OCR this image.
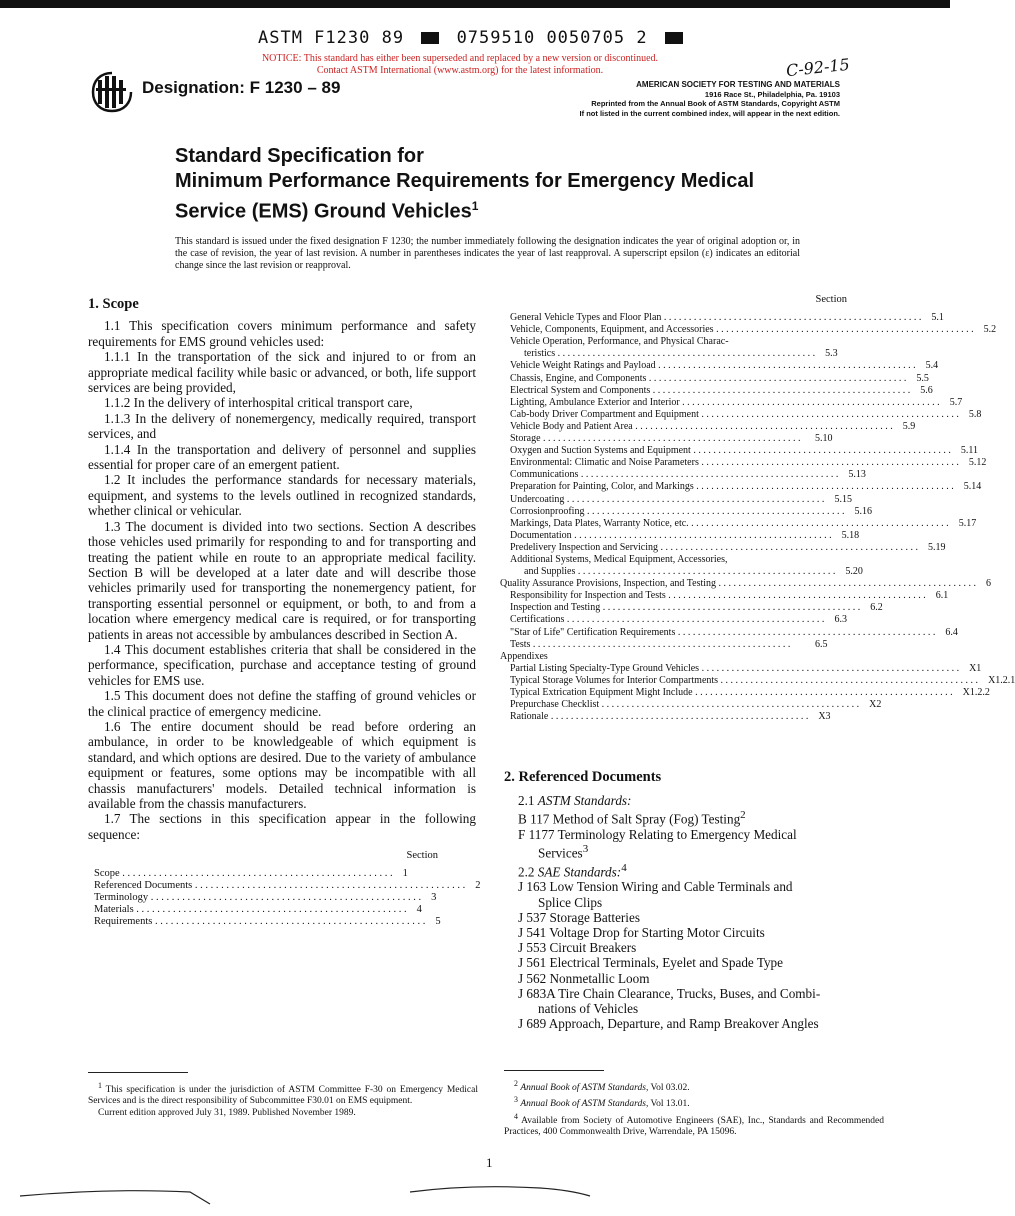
ASTM F1230 89	0759510 0050705 2
NOTICE: This standard has either been superseded and replaced by a new version or discontinued.
Contact ASTM International (www.astm.org) for the latest information.
Designation: F 1230 – 89
C-92-15
AMERICAN SOCIETY FOR TESTING AND MATERIALS
1916 Race St., Philadelphia, Pa. 19103
Reprinted from the Annual Book of ASTM Standards, Copyright ASTM
If not listed in the current combined index, will appear in the next edition.
Standard Specification for
Minimum Performance Requirements for Emergency Medical
Service (EMS) Ground Vehicles$^1$
This standard is issued under the fixed designation F 1230; the number immediately following the designation indicates the year of original adoption or, in the case of revision, the year of last revision. A number in parentheses indicates the year of last reapproval. A superscript epsilon (ε) indicates an editorial change since the last revision or reapproval.
1. Scope

1.1 This specification covers minimum performance and safety requirements for EMS ground vehicles used:

1.1.1 In the transportation of the sick and injured to or from an appropriate medical facility while basic or advanced, or both, life support services are being provided,

1.1.2 In the delivery of interhospital critical transport care,

1.1.3 In the delivery of nonemergency, medically required, transport services, and

1.1.4 In the transportation and delivery of personnel and supplies essential for proper care of an emergent patient.

1.2 It includes the performance standards for necessary materials, equipment, and systems to the levels outlined in recognized standards, whether clinical or vehicular.

1.3 The document is divided into two sections. Section A describes those vehicles used primarily for responding to and for transporting and treating the patient while en route to an appropriate medical facility. Section B will be developed at a later date and will describe those vehicles primarily used for transporting the nonemergency patient, for transporting essential personnel or equipment, or both, to and from a location where emergency medical care is required, or for transporting patients in areas not accessible by ambulances described in Section A.

1.4 This document establishes criteria that shall be considered in the performance, specification, purchase and acceptance testing of ground vehicles for EMS use.

1.5 This document does not define the staffing of ground vehicles or the clinical practice of emergency medicine.

1.6 The entire document should be read before ordering an ambulance, in order to be knowledgeable of which equipment is standard, and which options are desired. Due to the variety of ambulance equipment or features, some options may be incompatible with all chassis manufacturers' models. Detailed technical information is available from the chassis manufacturers.

1.7 The sections in this specification appear in the following sequence:

Section
Scope . . . . . . . . . . . . . . . . . . . . . . . . . . . . . . . . . . . . . . . . . . . . . . . . . . . . 1
Referenced Documents . . . . . . . . . . . . . . . . . . . . . . . . . . . . . . . . . . . . . . . . . . . . . . . . . . . . 2
Terminology . . . . . . . . . . . . . . . . . . . . . . . . . . . . . . . . . . . . . . . . . . . . . . . . . . . . 3
Materials . . . . . . . . . . . . . . . . . . . . . . . . . . . . . . . . . . . . . . . . . . . . . . . . . . . . 4
Requirements . . . . . . . . . . . . . . . . . . . . . . . . . . . . . . . . . . . . . . . . . . . . . . . . . . . . 5
Section
General Vehicle Types and Floor Plan . . . . . . . . . . . . . . . . . . . . . . . . . . . . . . . . . . . . . . . . . . . . . . . . . . . .	5.1
Vehicle, Components, Equipment, and Accessories . . . . . . . . . . . . . . . . . . . . . . . . . . . . . . . . . . . . . . . . . . . . . . . . . . . .	5.2
Vehicle Operation, Performance, and Physical Charac-
teristics . . . . . . . . . . . . . . . . . . . . . . . . . . . . . . . . . . . . . . . . . . . . . . . . . . . .	5.3
Vehicle Weight Ratings and Payload . . . . . . . . . . . . . . . . . . . . . . . . . . . . . . . . . . . . . . . . . . . . . . . . . . . .	5.4
Chassis, Engine, and Components . . . . . . . . . . . . . . . . . . . . . . . . . . . . . . . . . . . . . . . . . . . . . . . . . . . .	5.5
Electrical System and Components . . . . . . . . . . . . . . . . . . . . . . . . . . . . . . . . . . . . . . . . . . . . . . . . . . . .	5.6
Lighting, Ambulance Exterior and Interior . . . . . . . . . . . . . . . . . . . . . . . . . . . . . . . . . . . . . . . . . . . . . . . . . . . .	5.7
Cab-body Driver Compartment and Equipment . . . . . . . . . . . . . . . . . . . . . . . . . . . . . . . . . . . . . . . . . . . . . . . . . . . .	5.8
Vehicle Body and Patient Area . . . . . . . . . . . . . . . . . . . . . . . . . . . . . . . . . . . . . . . . . . . . . . . . . . . .	5.9
Storage . . . . . . . . . . . . . . . . . . . . . . . . . . . . . . . . . . . . . . . . . . . . . . . . . . . .	5.10
Oxygen and Suction Systems and Equipment . . . . . . . . . . . . . . . . . . . . . . . . . . . . . . . . . . . . . . . . . . . . . . . . . . . .	5.11
Environmental: Climatic and Noise Parameters . . . . . . . . . . . . . . . . . . . . . . . . . . . . . . . . . . . . . . . . . . . . . . . . . . . .	5.12
Communications . . . . . . . . . . . . . . . . . . . . . . . . . . . . . . . . . . . . . . . . . . . . . . . . . . . .	5.13
Preparation for Painting, Color, and Markings . . . . . . . . . . . . . . . . . . . . . . . . . . . . . . . . . . . . . . . . . . . . . . . . . . . .	5.14
Undercoating . . . . . . . . . . . . . . . . . . . . . . . . . . . . . . . . . . . . . . . . . . . . . . . . . . . .	5.15
Corrosionproofing . . . . . . . . . . . . . . . . . . . . . . . . . . . . . . . . . . . . . . . . . . . . . . . . . . . .	5.16
Markings, Data Plates, Warranty Notice, etc. . . . . . . . . . . . . . . . . . . . . . . . . . . . . . . . . . . . . . . . . . . . . . . . . . . . .	5.17
Documentation . . . . . . . . . . . . . . . . . . . . . . . . . . . . . . . . . . . . . . . . . . . . . . . . . . . .	5.18
Predelivery Inspection and Servicing . . . . . . . . . . . . . . . . . . . . . . . . . . . . . . . . . . . . . . . . . . . . . . . . . . . .	5.19
Additional Systems, Medical Equipment, Accessories,
and Supplies . . . . . . . . . . . . . . . . . . . . . . . . . . . . . . . . . . . . . . . . . . . . . . . . . . . .	5.20
Quality Assurance Provisions, Inspection, and Testing . . . . . . . . . . . . . . . . . . . . . . . . . . . . . . . . . . . . . . . . . . . . . . . . . . . .	6
Responsibility for Inspection and Tests . . . . . . . . . . . . . . . . . . . . . . . . . . . . . . . . . . . . . . . . . . . . . . . . . . . .	6.1
Inspection and Testing . . . . . . . . . . . . . . . . . . . . . . . . . . . . . . . . . . . . . . . . . . . . . . . . . . . .	6.2
Certifications . . . . . . . . . . . . . . . . . . . . . . . . . . . . . . . . . . . . . . . . . . . . . . . . . . . .	6.3
"Star of Life" Certification Requirements . . . . . . . . . . . . . . . . . . . . . . . . . . . . . . . . . . . . . . . . . . . . . . . . . . . .	6.4
Tests . . . . . . . . . . . . . . . . . . . . . . . . . . . . . . . . . . . . . . . . . . . . . . . . . . . .	6.5
Appendixes
Partial Listing Specialty-Type Ground Vehicles . . . . . . . . . . . . . . . . . . . . . . . . . . . . . . . . . . . . . . . . . . . . . . . . . . . .	X1
Typical Storage Volumes for Interior Compartments . . . . . . . . . . . . . . . . . . . . . . . . . . . . . . . . . . . . . . . . . . . . . . . . . . . .	X1.2.1
Typical Extrication Equipment Might Include . . . . . . . . . . . . . . . . . . . . . . . . . . . . . . . . . . . . . . . . . . . . . . . . . . . .	X1.2.2
Prepurchase Checklist . . . . . . . . . . . . . . . . . . . . . . . . . . . . . . . . . . . . . . . . . . . . . . . . . . . .	X2
Rationale . . . . . . . . . . . . . . . . . . . . . . . . . . . . . . . . . . . . . . . . . . . . . . . . . . . .	X3
2. Referenced Documents
2.1 ASTM Standards:
B 117 Method of Salt Spray (Fog) Testing$^2$
F 1177 Terminology Relating to Emergency Medical
Services$^3$
2.2 SAE Standards:$^4$
J 163 Low Tension Wiring and Cable Terminals and
Splice Clips
J 537 Storage Batteries
J 541 Voltage Drop for Starting Motor Circuits
J 553 Circuit Breakers
J 561 Electrical Terminals, Eyelet and Spade Type
J 562 Nonmetallic Loom
J 683A Tire Chain Clearance, Trucks, Buses, and Combi-
nations of Vehicles
J 689 Approach, Departure, and Ramp Breakover Angles

$^1$ This specification is under the jurisdiction of ASTM Committee F-30 on Emergency Medical Services and is the direct responsibility of Subcommittee F30.01 on EMS equipment.

Current edition approved July 31, 1989. Published November 1989.

$^2$ Annual Book of ASTM Standards, Vol 03.02.

$^3$ Annual Book of ASTM Standards, Vol 13.01.

$^4$ Available from Society of Automotive Engineers (SAE), Inc., Standards and Recommended Practices, 400 Commonwealth Drive, Warrendale, PA 15096.

1
